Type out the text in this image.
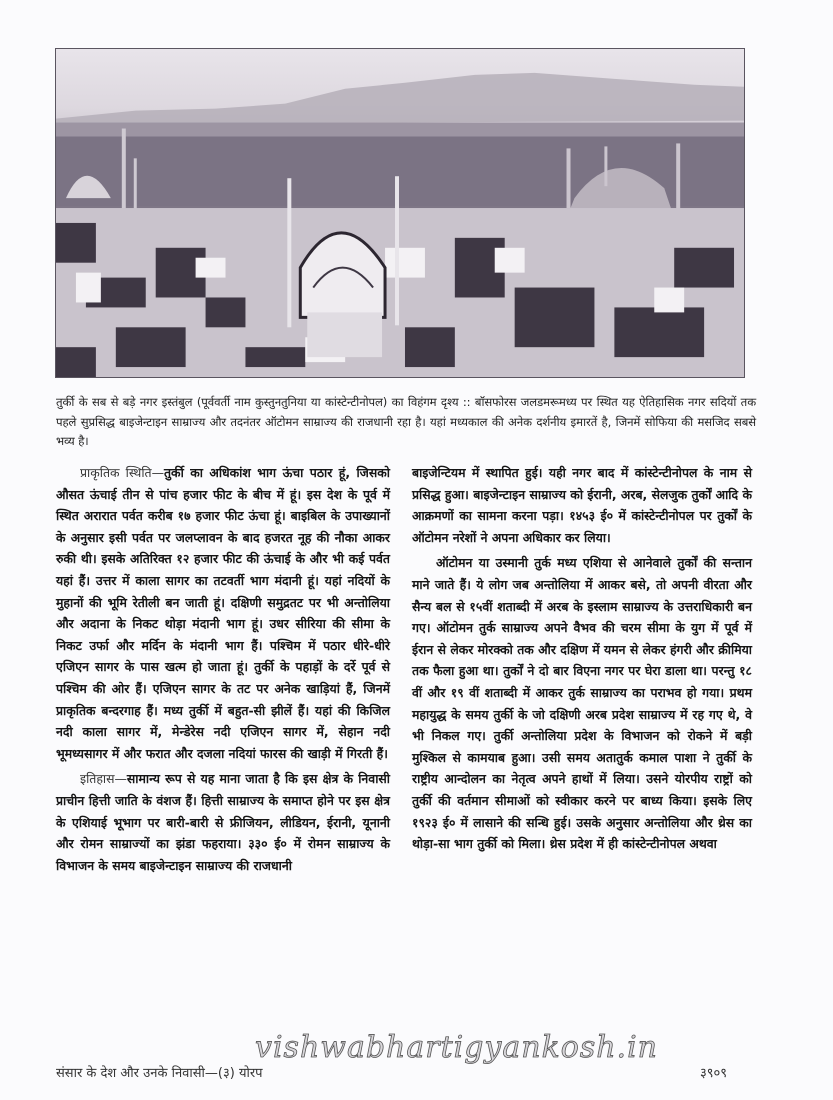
तुर्की के सब से बड़े नगर इस्तंबुल (पूर्ववर्ती नाम कुस्तुनतुनिया या कांस्टेन्टीनोपल) का विहंगम दृश्य :: बॉसफोरस जलडमरूमध्य पर स्थित यह ऐतिहासिक नगर सदियों तक पहले सुप्रसिद्ध बाइजेन्टाइन साम्राज्य और तदनंतर ऑटोमन साम्राज्य की राजधानी रहा है। यहां मध्यकाल की अनेक दर्शनीय इमारतें है, जिनमें सोफिया की मसजिद सबसे भव्य है।

प्राकृतिक स्थिति—तुर्की का अधिकांश भाग ऊंचा पठार हूं, जिसको औसत ऊंचाई तीन से पांच हजार फीट के बीच में हूं। इस देश के पूर्व में स्थित अरारात पर्वत करीब १७ हजार फीट ऊंचा हूं। बाइबिल के उपाख्यानों के अनुसार इसी पर्वत पर जलप्लावन के बाद हजरत नूह की नौका आकर रुकी थी। इसके अतिरिक्त १२ हजार फीट की ऊंचाई के और भी कई पर्वत यहां हैं। उत्तर में काला सागर का तटवर्ती भाग मंदानी हूं। यहां नदियों के मुहानों की भूमि रेतीली बन जाती हूं। दक्षिणी समुद्रतट पर भी अन्तोलिया और अदाना के निकट थोड़ा मंदानी भाग हूं। उधर सीरिया की सीमा के निकट उर्फा और मर्दिन के मंदानी भाग हैं। पश्चिम में पठार धीरे-धीरे एजिएन सागर के पास खत्म हो जाता हूं। तुर्की के पहाड़ों के दर्रे पूर्व से पश्चिम की ओर हैं। एजिएन सागर के तट पर अनेक खाड़ियां हैं, जिनमें प्राकृतिक बन्दरगाह हैं। मध्य तुर्की में बहुत-सी झीलें हैं। यहां की किजिल नदी काला सागर में, मेन्डेरेस नदी एजिएन सागर में, सेहान नदी भूमध्यसागर में और फरात और दजला नदियां फारस की खाड़ी में गिरती हैं।

इतिहास—सामान्य रूप से यह माना जाता है कि इस क्षेत्र के निवासी प्राचीन हित्ती जाति के वंशज हैं। हित्ती साम्राज्य के समाप्त होने पर इस क्षेत्र के एशियाई भूभाग पर बारी-बारी से फ्रीजियन, लीडियन, ईरानी, यूनानी और रोमन साम्राज्यों का झंडा फहराया। ३३० ई० में रोमन साम्राज्य के विभाजन के समय बाइजेन्टाइन साम्राज्य की राजधानी

बाइजेन्टियम में स्थापित हुई। यही नगर बाद में कांस्टेन्टीनोपल के नाम से प्रसिद्ध हुआ। बाइजेन्टाइन साम्राज्य को ईरानी, अरब, सेलजुक तुर्कों आदि के आक्रमणों का सामना करना पड़ा। १४५३ ई० में कांस्टेन्टीनोपल पर तुर्कों के ऑटोमन नरेशों ने अपना अधिकार कर लिया।

ऑटोमन या उस्मानी तुर्क मध्य एशिया से आनेवाले तुर्कों की सन्तान माने जाते हैं। ये लोग जब अन्तोलिया में आकर बसे, तो अपनी वीरता और सैन्य बल से १५वीं शताब्दी में अरब के इस्लाम साम्राज्य के उत्तराधिकारी बन गए। ऑटोमन तुर्क साम्राज्य अपने वैभव की चरम सीमा के युग में पूर्व में ईरान से लेकर मोरक्को तक और दक्षिण में यमन से लेकर हंगरी और क्रीमिया तक फैला हुआ था। तुर्कों ने दो बार विएना नगर पर घेरा डाला था। परन्तु १८ वीं और १९ वीं शताब्दी में आकर तुर्क साम्राज्य का पराभव हो गया। प्रथम महायुद्ध के समय तुर्की के जो दक्षिणी अरब प्रदेश साम्राज्य में रह गए थे, वे भी निकल गए। तुर्की अन्तोलिया प्रदेश के विभाजन को रोकने में बड़ी मुश्किल से कामयाब हुआ। उसी समय अतातुर्क कमाल पाशा ने तुर्की के राष्ट्रीय आन्दोलन का नेतृत्व अपने हाथों में लिया। उसने योरपीय राष्ट्रों को तुर्की की वर्तमान सीमाओं को स्वीकार करने पर बाध्य किया। इसके लिए १९२३ ई० में लासाने की सन्धि हुई। उसके अनुसार अन्तोलिया और थ्रेस का थोड़ा-सा भाग तुर्की को मिला। थ्रेस प्रदेश में ही कांस्टेन्टीनोपल अथवा

vishwabhartigyankosh.in
संसार के देश और उनके निवासी—(३) योरप	३९०९
